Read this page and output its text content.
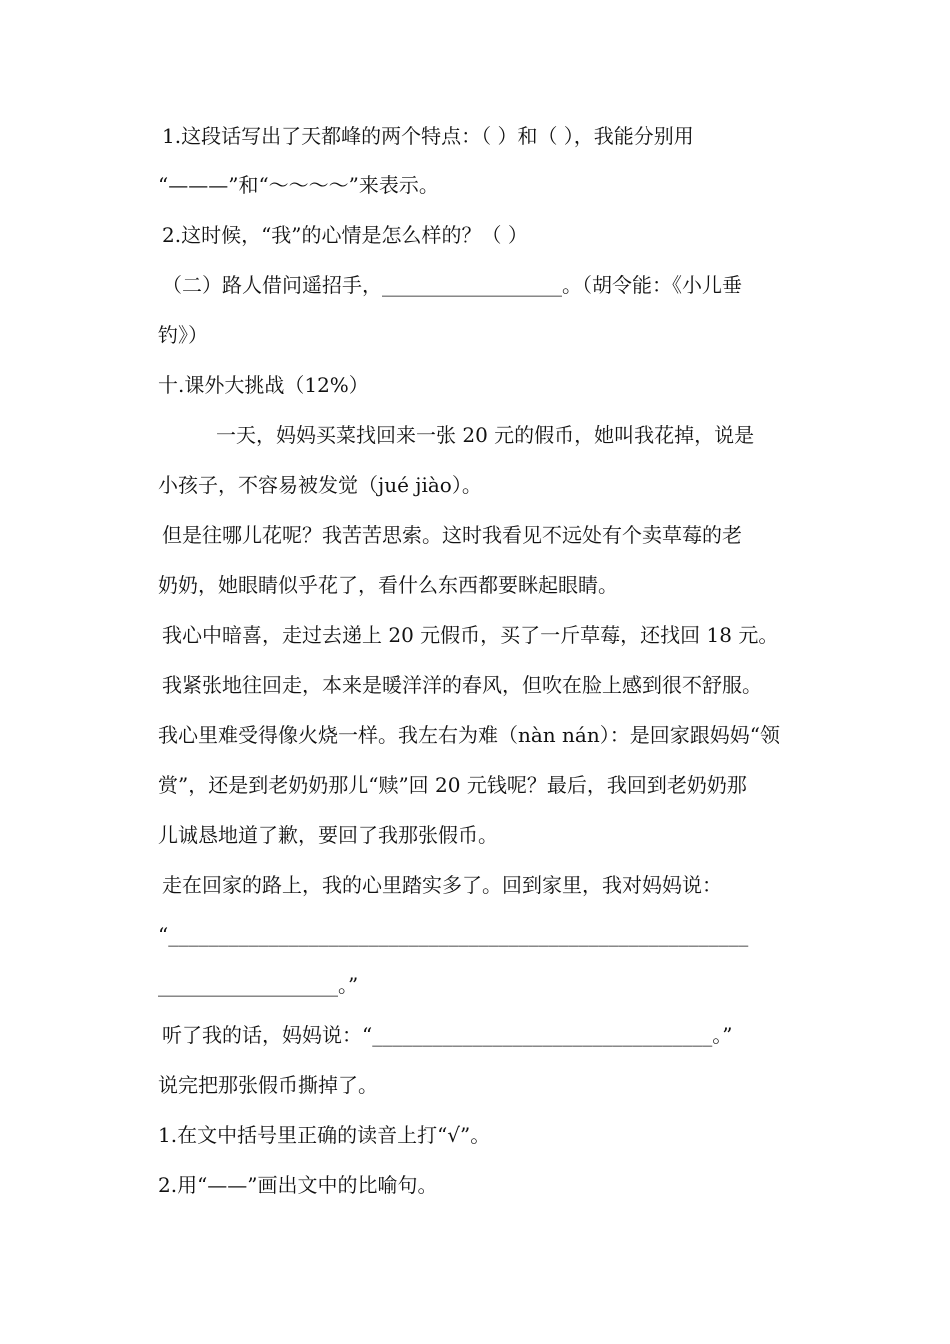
1.这段话写出了天都峰的两个特点：（ ）和（ ），我能分别用
“———”和“～～～～”来表示。
2.这时候，“我”的心情是怎么样的？（ ）
（二）路人借问遥招手，__________________。（胡令能：《小儿垂
钓》）
十.课外大挑战（12%）
一天，妈妈买菜找回来一张 20 元的假币，她叫我花掉，说是
小孩子，不容易被发觉（jué jiào）。
但是往哪儿花呢？我苦苦思索。这时我看见不远处有个卖草莓的老
奶奶，她眼睛似乎花了，看什么东西都要眯起眼睛。
我心中暗喜，走过去递上 20 元假币，买了一斤草莓，还找回 18 元。
我紧张地往回走，本来是暖洋洋的春风，但吹在脸上感到很不舒服。
我心里难受得像火烧一样。我左右为难（nàn nán）：是回家跟妈妈“领
赏”，还是到老奶奶那儿“赎”回 20 元钱呢？最后，我回到老奶奶那
儿诚恳地道了歉，要回了我那张假币。
走在回家的路上，我的心里踏实多了。回到家里，我对妈妈说：
“__________________________________________________________
__________________。”
听了我的话，妈妈说：“__________________________________。”
说完把那张假币撕掉了。
1.在文中括号里正确的读音上打“√”。
2.用“——”画出文中的比喻句。
